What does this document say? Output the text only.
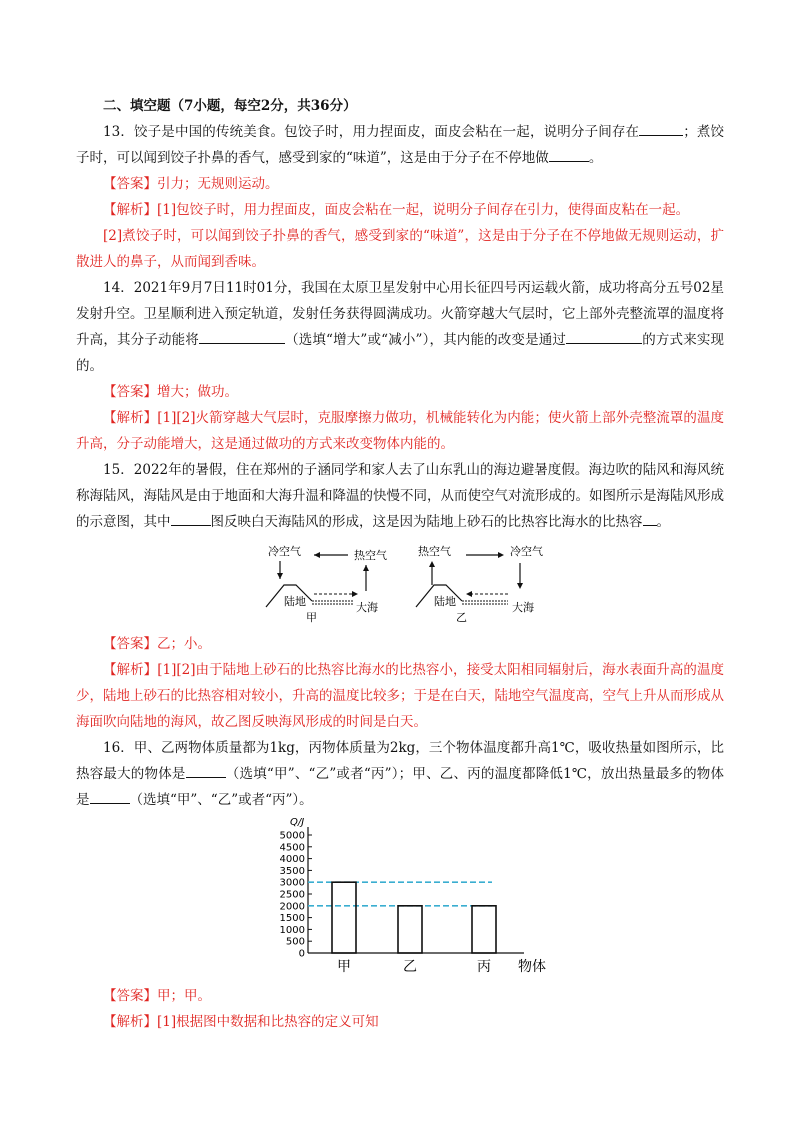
二、填空题（7小题，每空2分，共36分）

13．饺子是中国的传统美食。包饺子时，用力捏面皮，面皮会粘在一起，说明分子间存在	；煮饺子时，可以闻到饺子扑鼻的香气，感受到家的“味道”，这是由于分子在不停地做	。

【答案】引力；无规则运动。

【解析】[1]包饺子时，用力捏面皮，面皮会粘在一起，说明分子间存在引力，使得面皮粘在一起。

[2]煮饺子时，可以闻到饺子扑鼻的香气，感受到家的“味道”，这是由于分子在不停地做无规则运动，扩散进人的鼻子，从而闻到香味。

14．2021年9月7日11时01分，我国在太原卫星发射中心用长征四号丙运载火箭，成功将高分五号02星发射升空。卫星顺利进入预定轨道，发射任务获得圆满成功。火箭穿越大气层时，它上部外壳整流罩的温度将升高，其分子动能将	（选填“增大”或“减小”），其内能的改变是通过	的方式来实现的。

【答案】增大；做功。

【解析】[1][2]火箭穿越大气层时，克服摩擦力做功，机械能转化为内能；使火箭上部外壳整流罩的温度升高，分子动能增大，这是通过做功的方式来改变物体内能的。

15．2022年的暑假，住在郑州的子涵同学和家人去了山东乳山的海边避暑度假。海边吹的陆风和海风统称海陆风，海陆风是由于地面和大海升温和降温的快慢不同，从而使空气对流形成的。如图所示是海陆风形成的示意图，其中	图反映白天海陆风的形成，这是因为陆地上砂石的比热容比海水的比热容 。

冷空气	热空气
陆地	大海
甲
热空气	冷空气
陆地	大海
乙

【答案】乙；小。

【解析】[1][2]由于陆地上砂石的比热容比海水的比热容小，接受太阳相同辐射后，海水表面升高的温度少，陆地上砂石的比热容相对较小，升高的温度比较多；于是在白天，陆地空气温度高，空气上升从而形成从海面吹向陆地的海风，故乙图反映海风形成的时间是白天。

16．甲、乙两物体质量都为1kg，丙物体质量为2kg，三个物体温度都升高1℃，吸收热量如图所示，比热容最大的物体是	（选填“甲”、“乙”或者“丙”）；甲、乙、丙的温度都降低1℃，放出热量最多的物体是	（选填“甲”、“乙”或者“丙”）。

Q/J
5000
4500
4000
3500
3000
2500
2000
1500
1000
500
0
甲	乙	丙 物体

【答案】甲；甲。

【解析】[1]根据图中数据和比热容的定义可知
